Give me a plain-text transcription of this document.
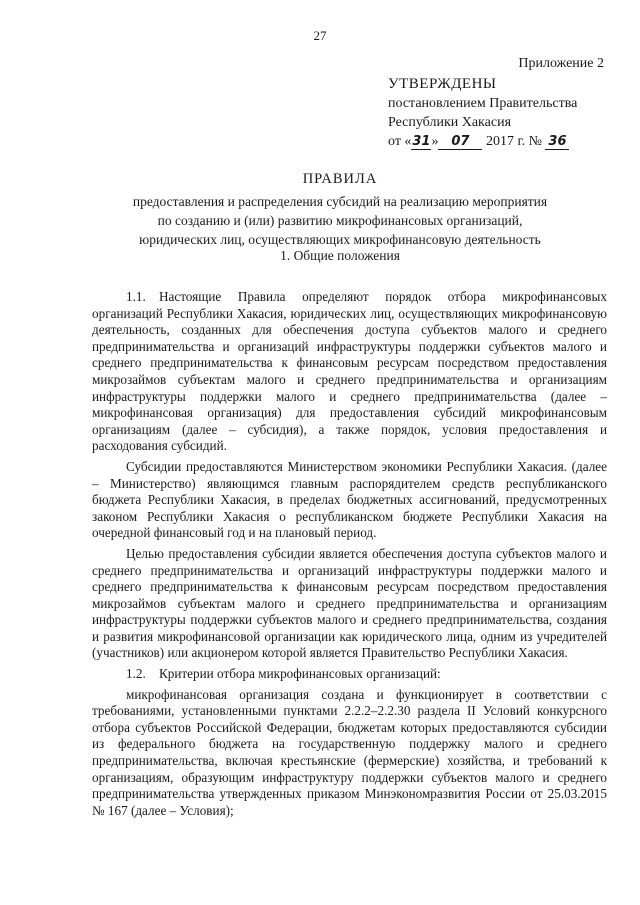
27
Приложение 2
УТВЕРЖДЕНЫ
постановлением Правительства
Республики Хакасия
от «31» 07 2017 г. № 36
ПРАВИЛА
предоставления и распределения субсидий на реализацию мероприятия
по созданию и (или) развитию микрофинансовых организаций,
юридических лиц, осуществляющих микрофинансовую деятельность
1. Общие положения

1.1. Настоящие Правила определяют порядок отбора микрофинансовых организаций Республики Хакасия, юридических лиц, осуществляющих микрофинансовую деятельность, созданных для обеспечения доступа субъектов малого и среднего предпринимательства и организаций инфраструктуры поддержки субъектов малого и среднего предпринимательства к финансовым ресурсам посредством предоставления микрозаймов субъектам малого и среднего предпринимательства и организациям инфраструктуры поддержки малого и среднего предпринимательства (далее – микрофинансовая организация) для предоставления субсидий микрофинансовым организациям (далее – субсидия), а также порядок, условия предоставления и расходования субсидий.

Субсидии предоставляются Министерством экономики Республики Хакасия. (далее – Министерство) являющимся главным распорядителем средств республиканского бюджета Республики Хакасия, в пределах бюджетных ассигнований, предусмотренных законом Республики Хакасия о республиканском бюджете Республики Хакасия на очередной финансовый год и на плановый период.

Целью предоставления субсидии является обеспечения доступа субъектов малого и среднего предпринимательства и организаций инфраструктуры поддержки малого и среднего предпринимательства к финансовым ресурсам посредством предоставления микрозаймов субъектам малого и среднего предпринимательства и организациям инфраструктуры поддержки субъектов малого и среднего предпринимательства, создания и развития микрофинансовой организации как юридического лица, одним из учредителей (участников) или акционером которой является Правительство Республики Хакасия.

1.2. Критерии отбора микрофинансовых организаций:

микрофинансовая организация создана и функционирует в соответствии с требованиями, установленными пунктами 2.2.2–2.2.30 раздела II Условий конкурсного отбора субъектов Российской Федерации, бюджетам которых предоставляются субсидии из федерального бюджета на государственную поддержку малого и среднего предпринимательства, включая крестьянские (фермерские) хозяйства, и требований к организациям, образующим инфраструктуру поддержки субъектов малого и среднего предпринимательства утвержденных приказом Минэкономразвития России от 25.03.2015 № 167 (далее – Условия);
